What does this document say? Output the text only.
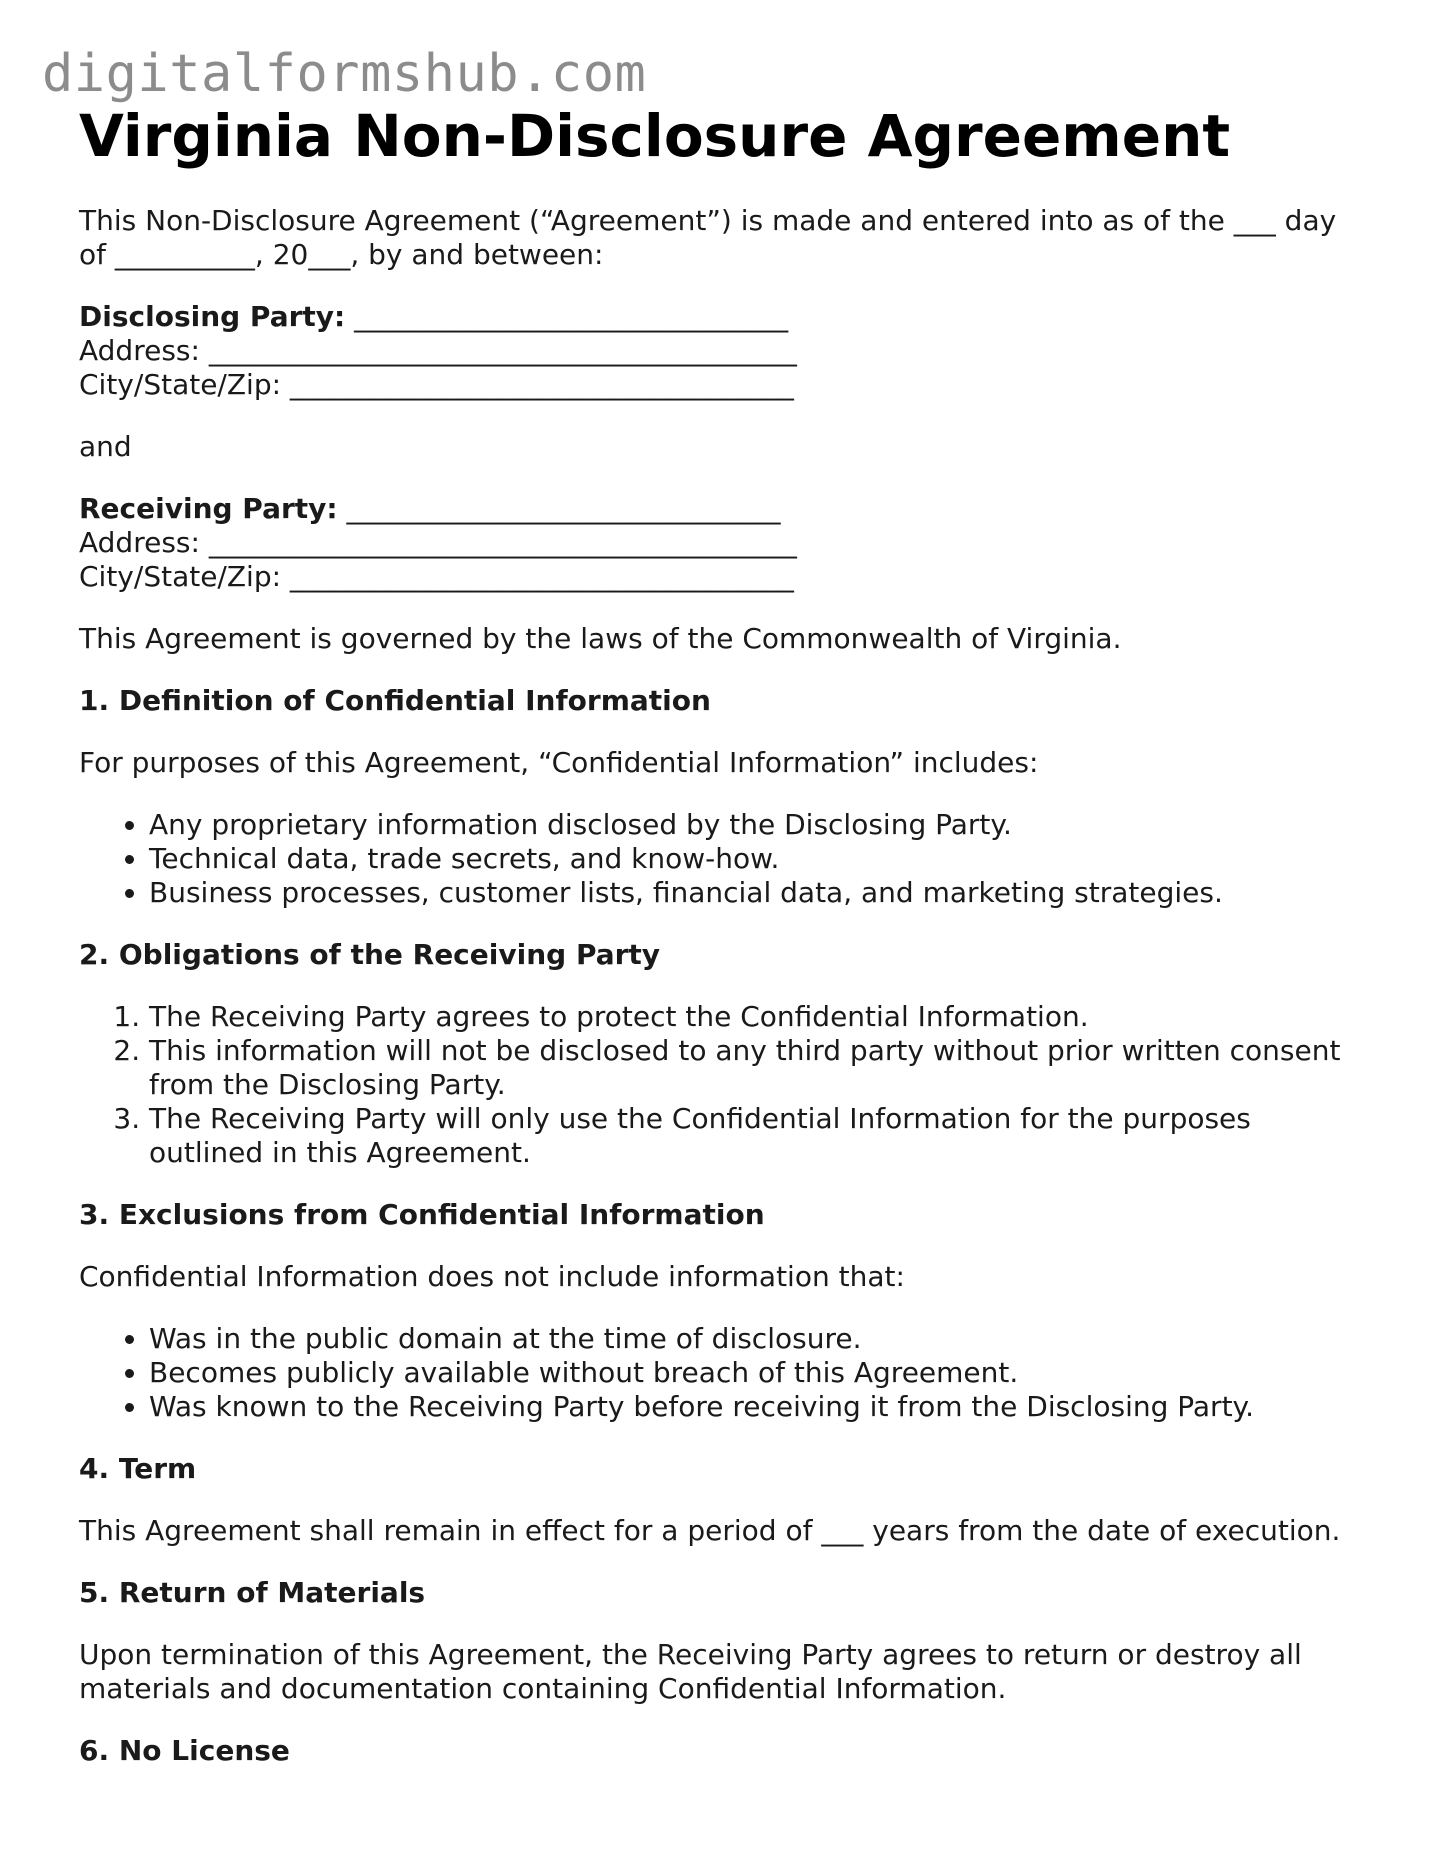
digitalformshub.com
Virginia Non-Disclosure Agreement

This Non-Disclosure Agreement (“Agreement”) is made and entered into as of the ___ day of __________, 20___, by and between:

Disclosing Party: _______________________________
Address: __________________________________________
City/State/Zip: ____________________________________

and

Receiving Party: _______________________________
Address: __________________________________________
City/State/Zip: ____________________________________

This Agreement is governed by the laws of the Commonwealth of Virginia.

1. Definition of Confidential Information

For purposes of this Agreement, “Confidential Information” includes:

• Any proprietary information disclosed by the Disclosing Party.
• Technical data, trade secrets, and know-how.
• Business processes, customer lists, financial data, and marketing strategies.
2. Obligations of the Receiving Party
1. The Receiving Party agrees to protect the Confidential Information.
2. This information will not be disclosed to any third party without prior written consent from the Disclosing Party.
3. The Receiving Party will only use the Confidential Information for the purposes outlined in this Agreement.
3. Exclusions from Confidential Information

Confidential Information does not include information that:

• Was in the public domain at the time of disclosure.
• Becomes publicly available without breach of this Agreement.
• Was known to the Receiving Party before receiving it from the Disclosing Party.
4. Term

This Agreement shall remain in effect for a period of ___ years from the date of execution.

5. Return of Materials

Upon termination of this Agreement, the Receiving Party agrees to return or destroy all materials and documentation containing Confidential Information.

6. No License
